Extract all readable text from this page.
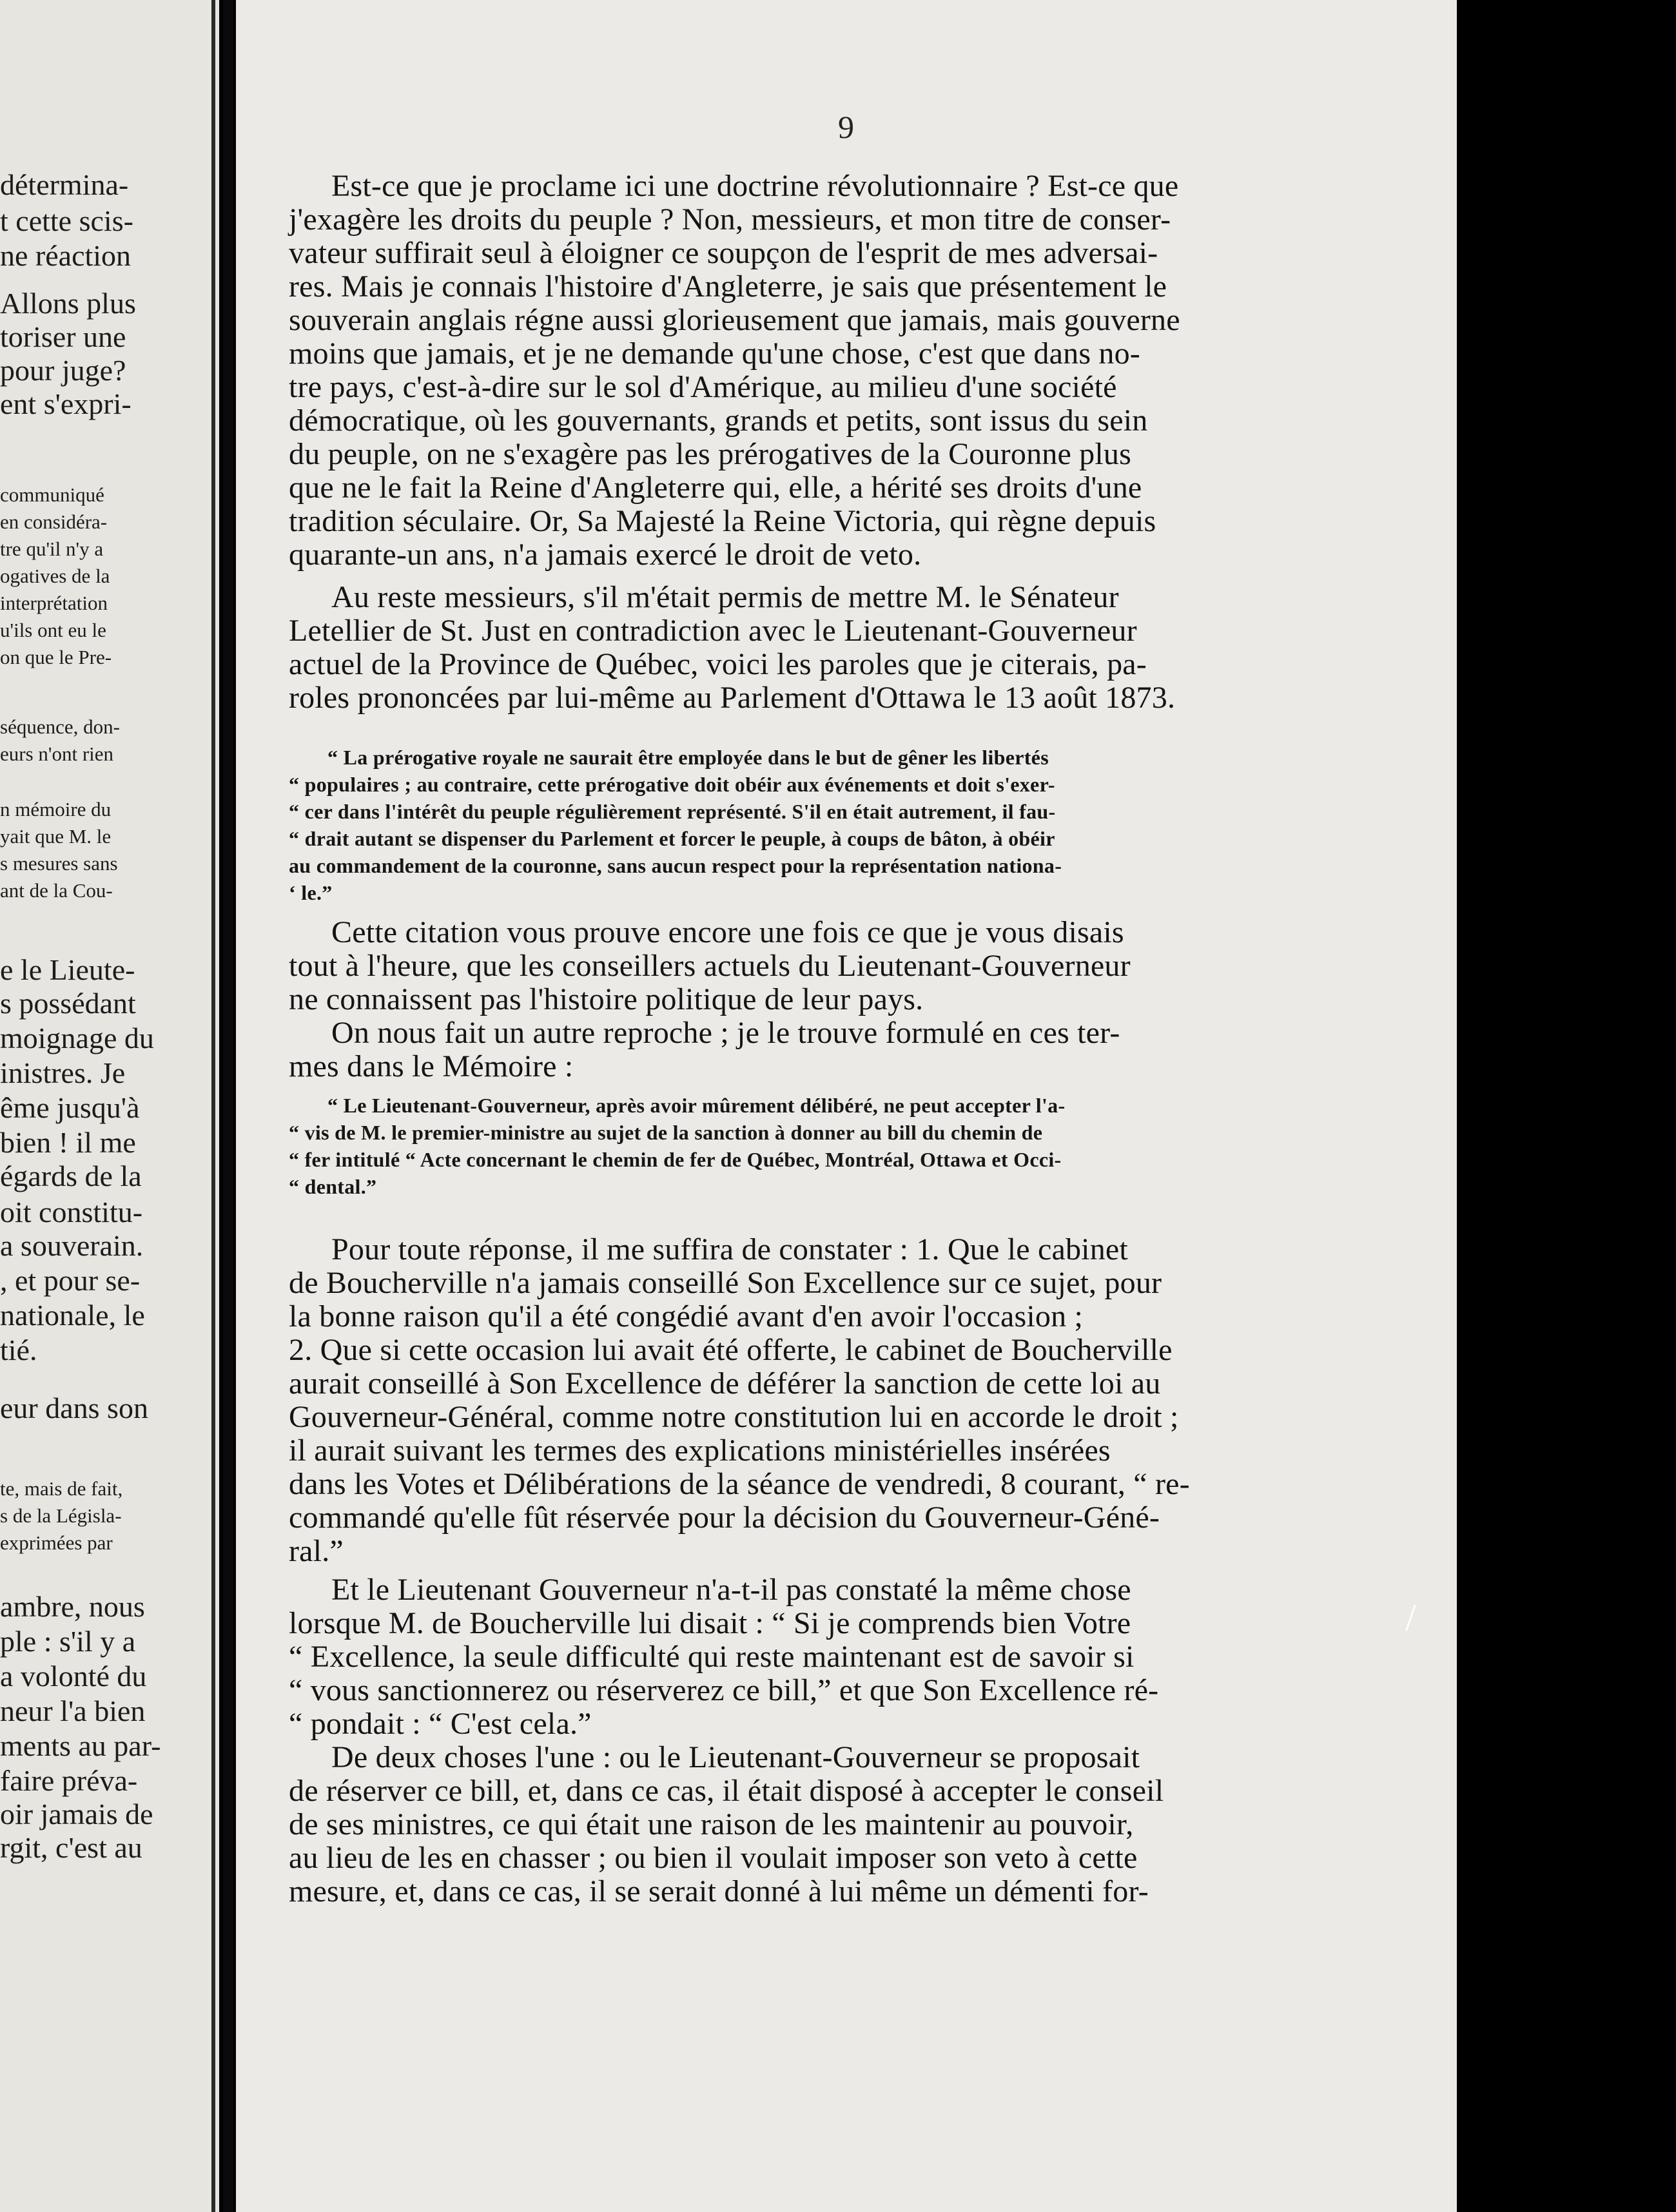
détermina-
t cette scis-
ne réaction
Allons plus
toriser une
pour juge?
ent s'expri-
communiqué
en considéra-
tre qu'il n'y a
ogatives de la
interprétation
u'ils ont eu le
on que le Pre-
séquence, don-
eurs n'ont rien
n mémoire du
yait que M. le
s mesures sans
ant de la Cou-
e le Lieute-
s possédant
moignage du
inistres. Je
ême jusqu'à
bien ! il me
égards de la
oit constitu-
a souverain.
, et pour se-
nationale, le
tié.
eur dans son
te, mais de fait,
s de la Législa-
exprimées par
ambre, nous
ple : s'il y a
a volonté du
neur l'a bien
ments au par-
faire préva-
oir jamais de
rgit, c'est au
9
Est-ce que je proclame ici une doctrine révolutionnaire ? Est-ce que
j'exagère les droits du peuple ? Non, messieurs, et mon titre de conser-
vateur suffirait seul à éloigner ce soupçon de l'esprit de mes adversai-
res. Mais je connais l'histoire d'Angleterre, je sais que présentement le
souverain anglais régne aussi glorieusement que jamais, mais gouverne
moins que jamais, et je ne demande qu'une chose, c'est que dans no-
tre pays, c'est-à-dire sur le sol d'Amérique, au milieu d'une société
démocratique, où les gouvernants, grands et petits, sont issus du sein
du peuple, on ne s'exagère pas les prérogatives de la Couronne plus
que ne le fait la Reine d'Angleterre qui, elle, a hérité ses droits d'une
tradition séculaire. Or, Sa Majesté la Reine Victoria, qui règne depuis
quarante-un ans, n'a jamais exercé le droit de veto.
Au reste messieurs, s'il m'était permis de mettre M. le Sénateur
Letellier de St. Just en contradiction avec le Lieutenant-Gouverneur
actuel de la Province de Québec, voici les paroles que je citerais, pa-
roles prononcées par lui-même au Parlement d'Ottawa le 13 août 1873.
“ La prérogative royale ne saurait être employée dans le but de gêner les libertés
“ populaires ; au contraire, cette prérogative doit obéir aux événements et doit s'exer-
“ cer dans l'intérêt du peuple régulièrement représenté. S'il en était autrement, il fau-
“ drait autant se dispenser du Parlement et forcer le peuple, à coups de bâton, à obéir
au commandement de la couronne, sans aucun respect pour la représentation nationa-
‘ le.”
Cette citation vous prouve encore une fois ce que je vous disais
tout à l'heure, que les conseillers actuels du Lieutenant-Gouverneur
ne connaissent pas l'histoire politique de leur pays.
On nous fait un autre reproche ; je le trouve formulé en ces ter-
mes dans le Mémoire :
“ Le Lieutenant-Gouverneur, après avoir mûrement délibéré, ne peut accepter l'a-
“ vis de M. le premier-ministre au sujet de la sanction à donner au bill du chemin de
“ fer intitulé “ Acte concernant le chemin de fer de Québec, Montréal, Ottawa et Occi-
“ dental.”
Pour toute réponse, il me suffira de constater : 1. Que le cabinet
de Boucherville n'a jamais conseillé Son Excellence sur ce sujet, pour
la bonne raison qu'il a été congédié avant d'en avoir l'occasion ;
2. Que si cette occasion lui avait été offerte, le cabinet de Boucherville
aurait conseillé à Son Excellence de déférer la sanction de cette loi au
Gouverneur-Général, comme notre constitution lui en accorde le droit ;
il aurait suivant les termes des explications ministérielles insérées
dans les Votes et Délibérations de la séance de vendredi, 8 courant, “ re-
commandé qu'elle fût réservée pour la décision du Gouverneur-Géné-
ral.”
Et le Lieutenant Gouverneur n'a-t-il pas constaté la même chose
lorsque M. de Boucherville lui disait : “ Si je comprends bien Votre
“ Excellence, la seule difficulté qui reste maintenant est de savoir si
“ vous sanctionnerez ou réserverez ce bill,” et que Son Excellence ré-
“ pondait : “ C'est cela.”
De deux choses l'une : ou le Lieutenant-Gouverneur se proposait
de réserver ce bill, et, dans ce cas, il était disposé à accepter le conseil
de ses ministres, ce qui était une raison de les maintenir au pouvoir,
au lieu de les en chasser ; ou bien il voulait imposer son veto à cette
mesure, et, dans ce cas, il se serait donné à lui même un démenti for-
/
